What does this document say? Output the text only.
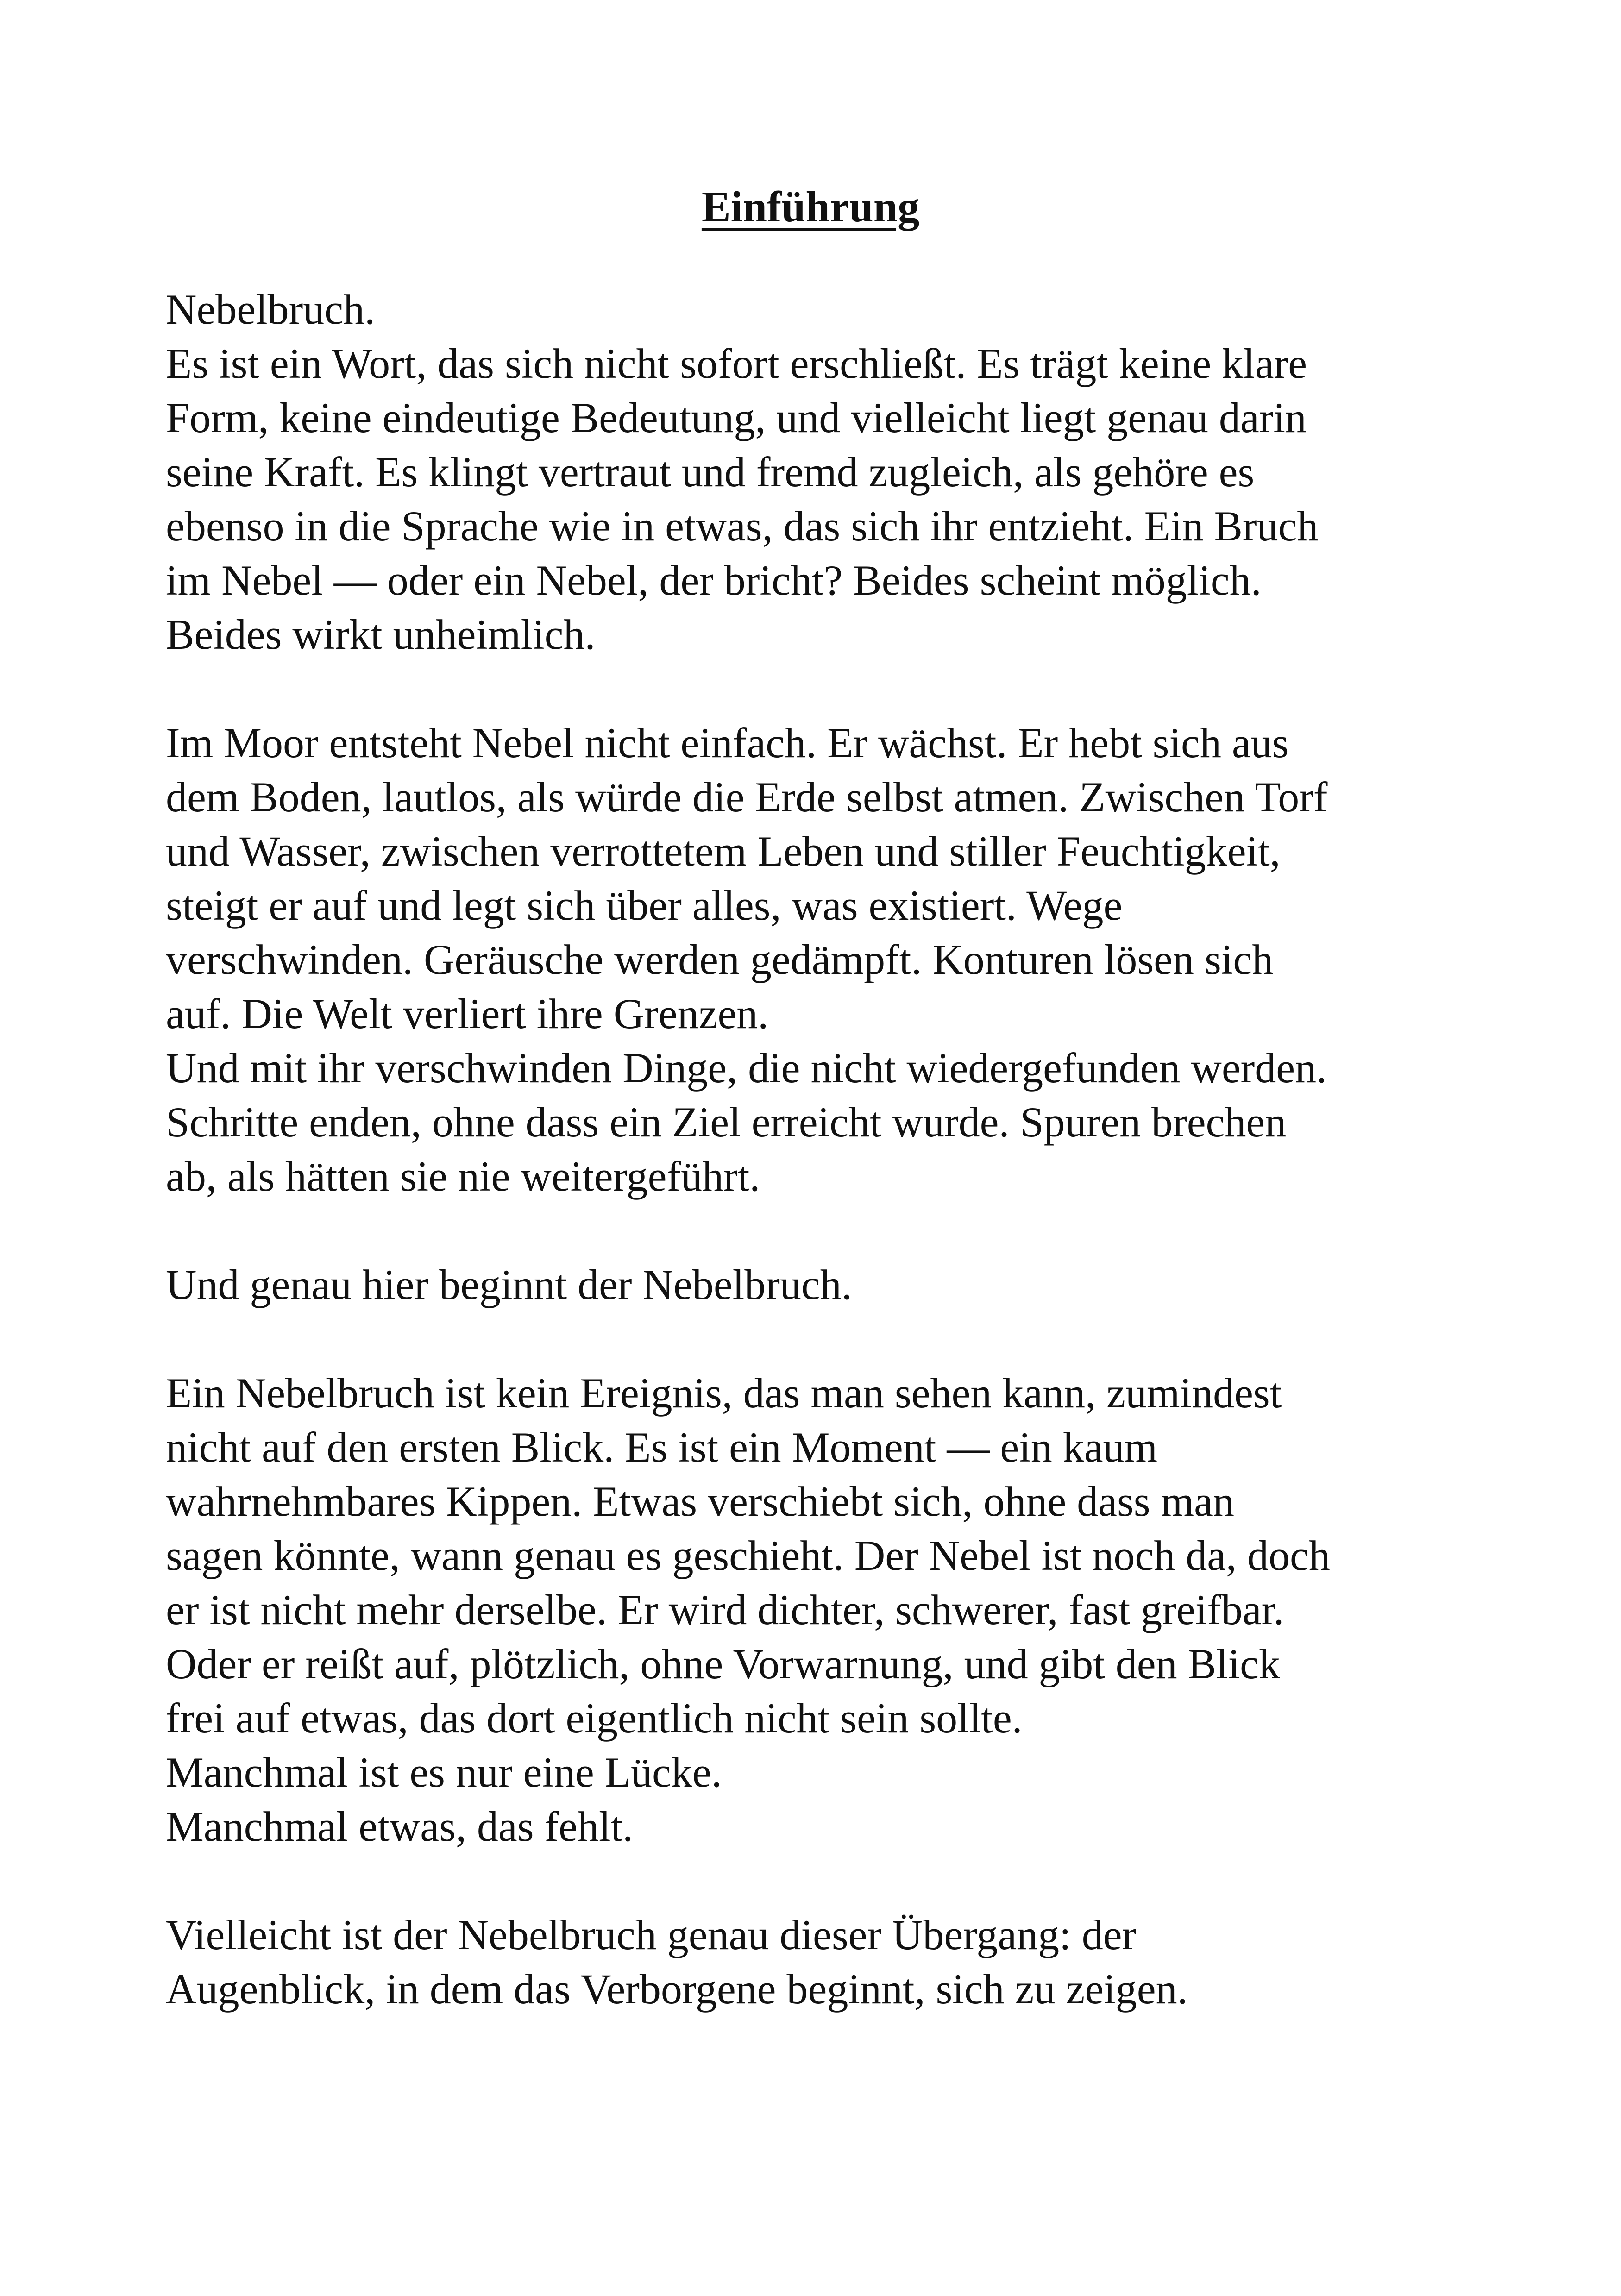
Einführung

Nebelbruch.
Es ist ein Wort, das sich nicht sofort erschließt. Es trägt keine klare
Form, keine eindeutige Bedeutung, und vielleicht liegt genau darin
seine Kraft. Es klingt vertraut und fremd zugleich, als gehöre es
ebenso in die Sprache wie in etwas, das sich ihr entzieht. Ein Bruch
im Nebel — oder ein Nebel, der bricht? Beides scheint möglich.
Beides wirkt unheimlich.

Im Moor entsteht Nebel nicht einfach. Er wächst. Er hebt sich aus
dem Boden, lautlos, als würde die Erde selbst atmen. Zwischen Torf
und Wasser, zwischen verrottetem Leben und stiller Feuchtigkeit,
steigt er auf und legt sich über alles, was existiert. Wege
verschwinden. Geräusche werden gedämpft. Konturen lösen sich
auf. Die Welt verliert ihre Grenzen.
Und mit ihr verschwinden Dinge, die nicht wiedergefunden werden.
Schritte enden, ohne dass ein Ziel erreicht wurde. Spuren brechen
ab, als hätten sie nie weitergeführt.

Und genau hier beginnt der Nebelbruch.

Ein Nebelbruch ist kein Ereignis, das man sehen kann, zumindest
nicht auf den ersten Blick. Es ist ein Moment — ein kaum
wahrnehmbares Kippen. Etwas verschiebt sich, ohne dass man
sagen könnte, wann genau es geschieht. Der Nebel ist noch da, doch
er ist nicht mehr derselbe. Er wird dichter, schwerer, fast greifbar.
Oder er reißt auf, plötzlich, ohne Vorwarnung, und gibt den Blick
frei auf etwas, das dort eigentlich nicht sein sollte.
Manchmal ist es nur eine Lücke.
Manchmal etwas, das fehlt.

Vielleicht ist der Nebelbruch genau dieser Übergang: der
Augenblick, in dem das Verborgene beginnt, sich zu zeigen.
